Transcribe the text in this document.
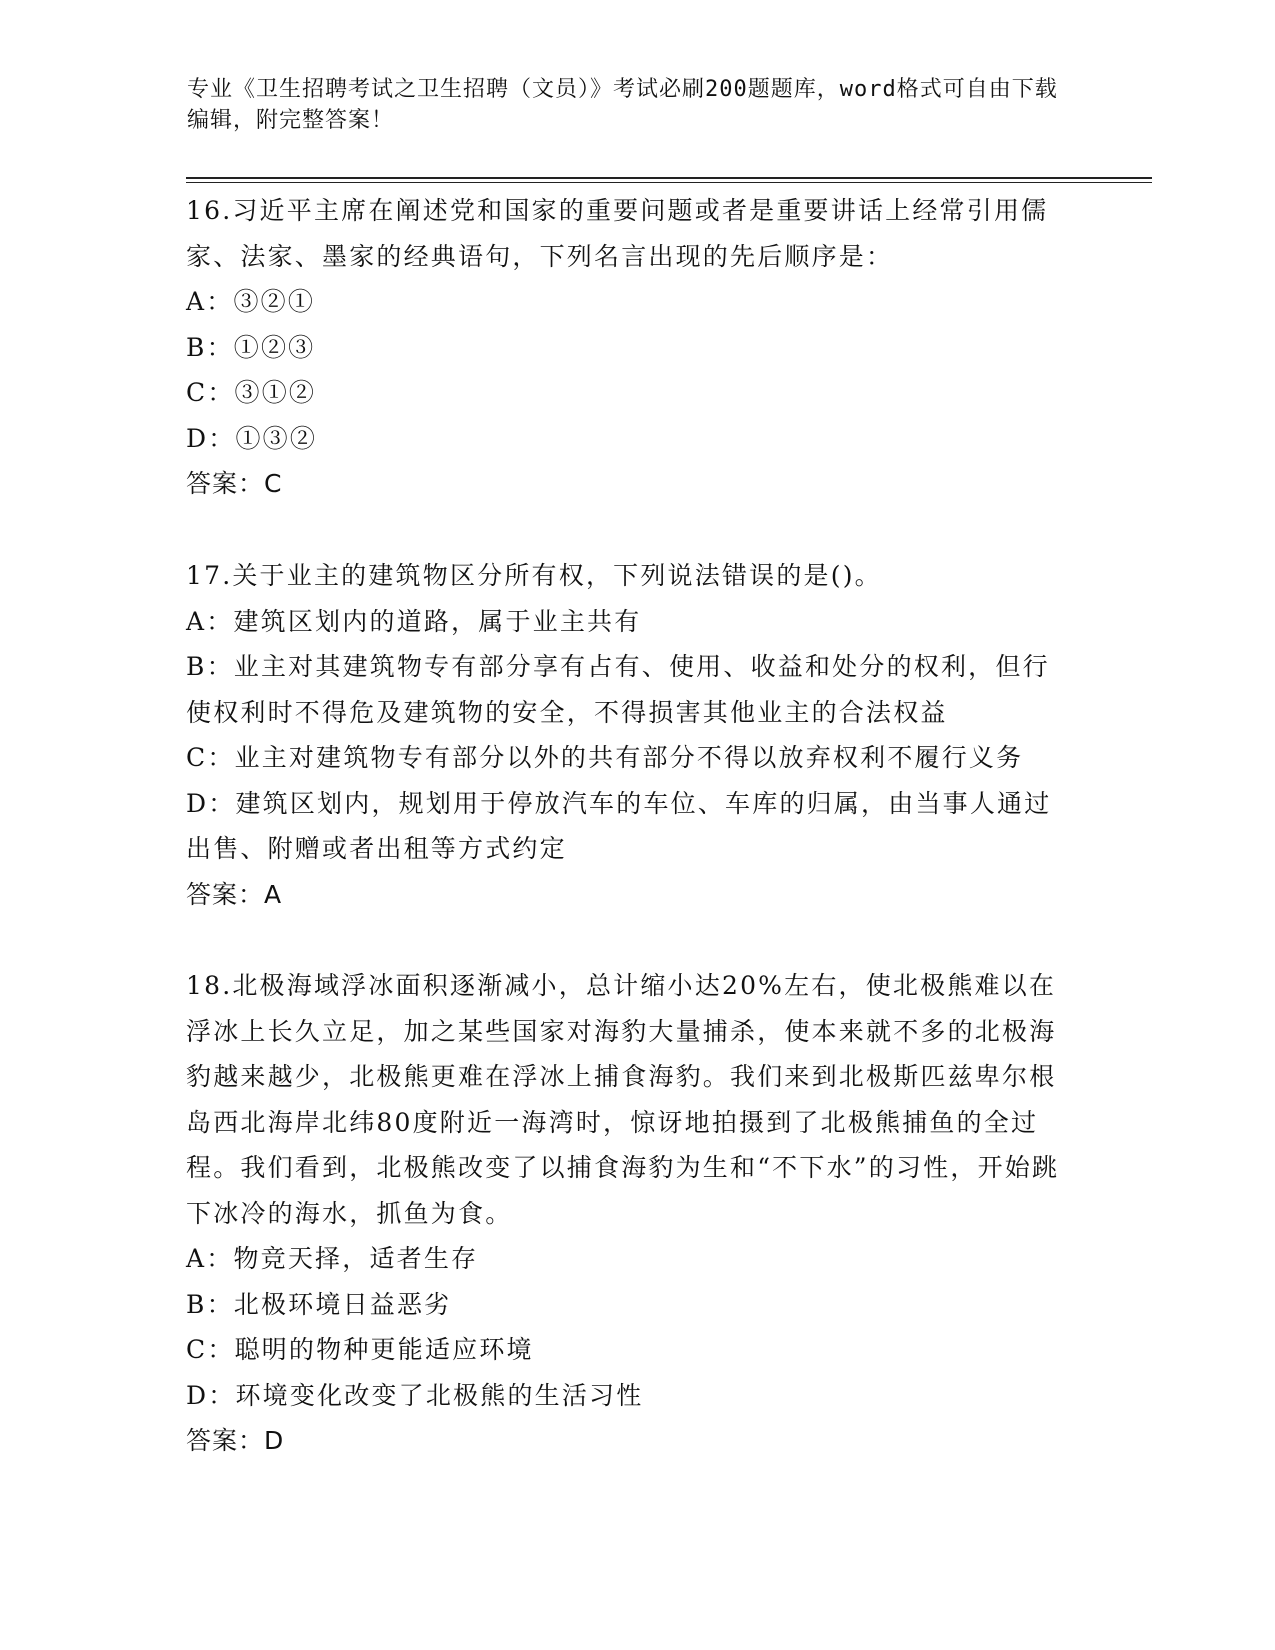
专业《卫生招聘考试之卫生招聘（文员）》考试必刷200题题库，word格式可自由下载编辑，附完整答案！

16.习近平主席在阐述党和国家的重要问题或者是重要讲话上经常引用儒家、法家、墨家的经典语句，下列名言出现的先后顺序是：

A：③②①

B：①②③

C：③①②

D：①③②

答案：C

17.关于业主的建筑物区分所有权，下列说法错误的是()。

A：建筑区划内的道路，属于业主共有

B：业主对其建筑物专有部分享有占有、使用、收益和处分的权利，但行使权利时不得危及建筑物的安全，不得损害其他业主的合法权益

C：业主对建筑物专有部分以外的共有部分不得以放弃权利不履行义务

D：建筑区划内，规划用于停放汽车的车位、车库的归属，由当事人通过出售、附赠或者出租等方式约定

答案：A

18.北极海域浮冰面积逐渐减小，总计缩小达20%左右，使北极熊难以在浮冰上长久立足，加之某些国家对海豹大量捕杀，使本来就不多的北极海豹越来越少，北极熊更难在浮冰上捕食海豹。我们来到北极斯匹兹卑尔根岛西北海岸北纬80度附近一海湾时，惊讶地拍摄到了北极熊捕鱼的全过程。我们看到，北极熊改变了以捕食海豹为生和“不下水”的习性，开始跳下冰冷的海水，抓鱼为食。

A：物竞天择，适者生存

B：北极环境日益恶劣

C：聪明的物种更能适应环境

D：环境变化改变了北极熊的生活习性

答案：D
